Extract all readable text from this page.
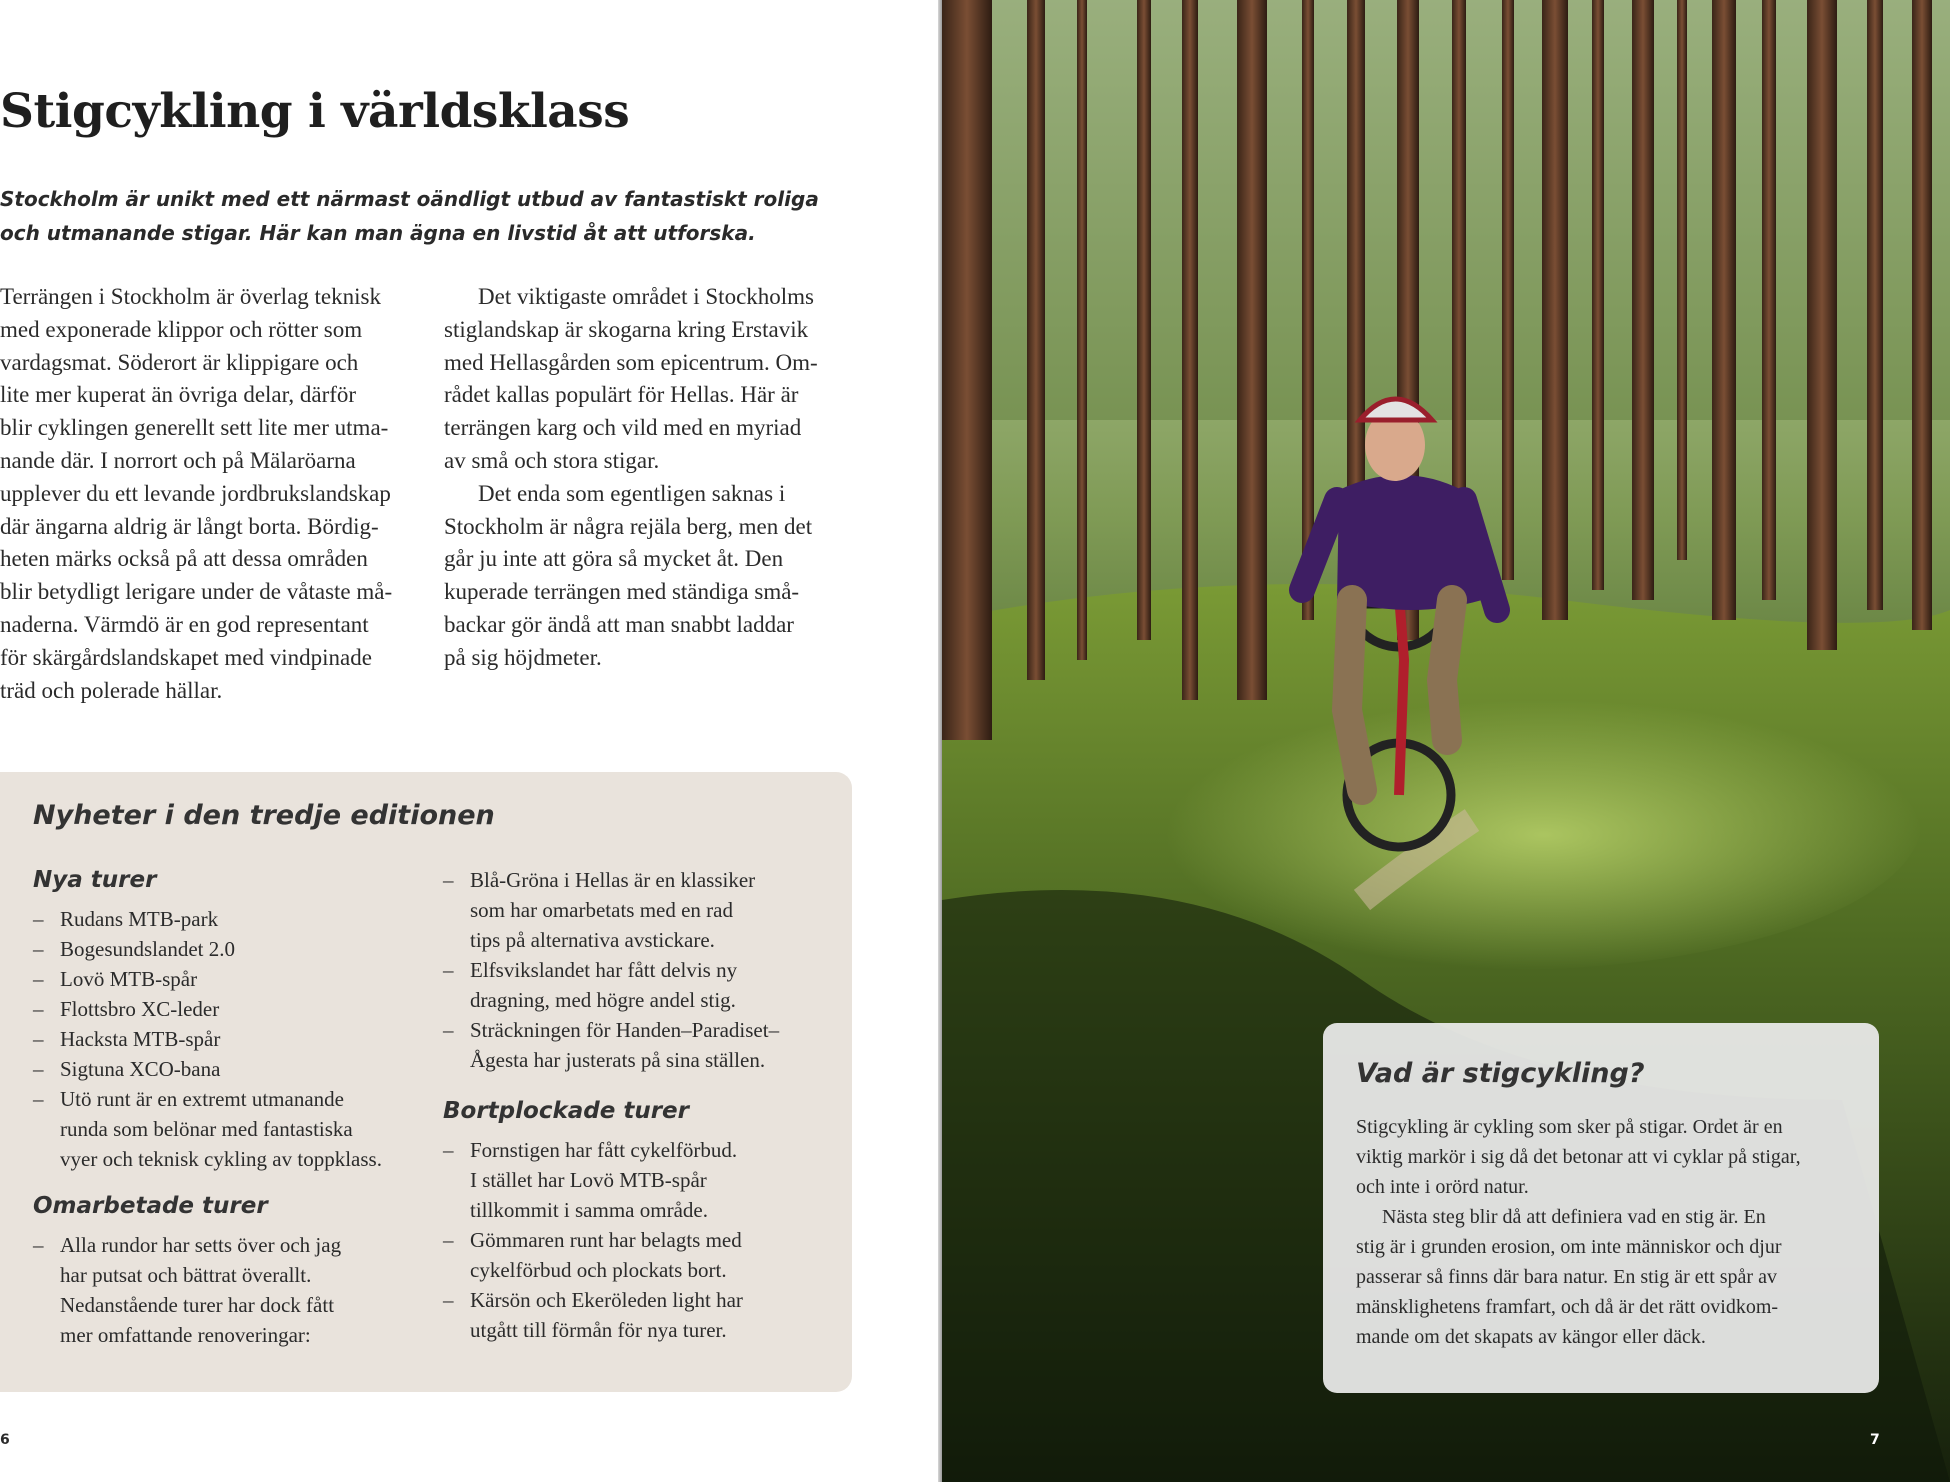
Stigcykling i världsklass

Stockholm är unikt med ett närmast oändligt utbud av fantastiskt roliga
och utmanande stigar. Här kan man ägna en livstid åt att utforska.

Terrängen i Stockholm är överlag teknisk
med exponerade klippor och rötter som
vardagsmat. Söderort är klippigare och
lite mer kuperat än övriga delar, därför
blir cyklingen generellt sett lite mer utma-
nande där. I norrort och på Mälaröarna
upplever du ett levande jordbrukslandskap
där ängarna aldrig är långt borta. Bördig-
heten märks också på att dessa områden
blir betydligt lerigare under de våtaste må-
naderna. Värmdö är en god representant
för skärgårdslandskapet med vindpinade
träd och polerade hällar.
Det viktigaste området i Stockholms
stiglandskap är skogarna kring Erstavik
med Hellasgården som epicentrum. Om-
rådet kallas populärt för Hellas. Här är
terrängen karg och vild med en myriad
av små och stora stigar.
Det enda som egentligen saknas i
Stockholm är några rejäla berg, men det
går ju inte att göra så mycket åt. Den
kuperade terrängen med ständiga små-
backar gör ändå att man snabbt laddar
på sig höjdmeter.
Nyheter i den tredje editionen
Nya turer
– Rudans MTB-park
– Bogesundslandet 2.0
– Lovö MTB-spår
– Flottsbro XC-leder
– Hacksta MTB-spår
– Sigtuna XCO-bana
– Utö runt är en extremt utmanande
runda som belönar med fantastiska
vyer och teknisk cykling av toppklass.
Omarbetade turer
– Alla rundor har setts över och jag
har putsat och bättrat överallt.
Nedanstående turer har dock fått
mer omfattande renoveringar:
– Blå-Gröna i Hellas är en klassiker
som har omarbetats med en rad
tips på alternativa avstickare.
– Elfsvikslandet har fått delvis ny
dragning, med högre andel stig.
– Sträckningen för Handen–Paradiset–
Ågesta har justerats på sina ställen.
Bortplockade turer
– Fornstigen har fått cykelförbud.
I stället har Lovö MTB-spår
tillkommit i samma område.
– Gömmaren runt har belagts med
cykelförbud och plockats bort.
– Kärsön och Ekeröleden light har
utgått till förmån för nya turer.
6
Vad är stigcykling?
Stigcykling är cykling som sker på stigar. Ordet är en
viktig markör i sig då det betonar att vi cyklar på stigar,
och inte i orörd natur.
Nästa steg blir då att definiera vad en stig är. En
stig är i grunden erosion, om inte människor och djur
passerar så finns där bara natur. En stig är ett spår av
mänsklighetens framfart, och då är det rätt ovidkom-
mande om det skapats av kängor eller däck.
7
